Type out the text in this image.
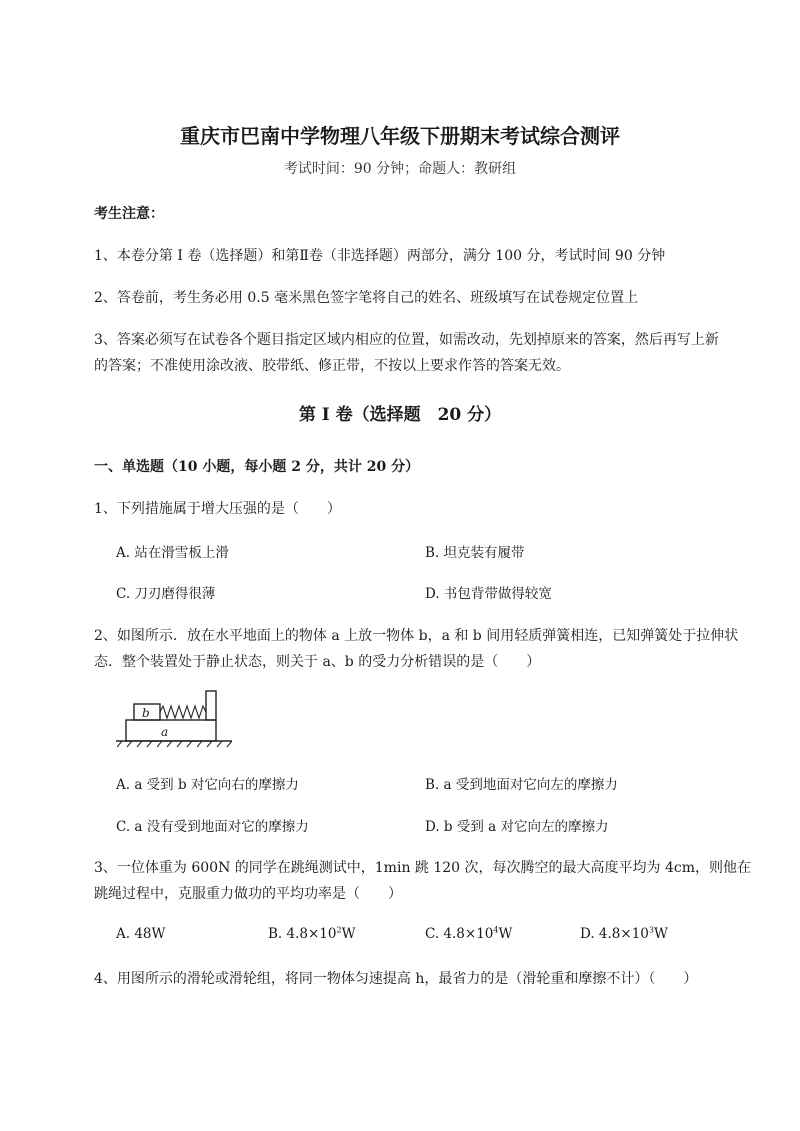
重庆市巴南中学物理八年级下册期末考试综合测评
考试时间：90 分钟；命题人：教研组
考生注意：
1、本卷分第 I 卷（选择题）和第Ⅱ卷（非选择题）两部分，满分 100 分，考试时间 90 分钟
2、答卷前，考生务必用 0.5 毫米黑色签字笔将自己的姓名、班级填写在试卷规定位置上
3、答案必须写在试卷各个题目指定区域内相应的位置，如需改动，先划掉原来的答案，然后再写上新
的答案；不准使用涂改液、胶带纸、修正带，不按以上要求作答的答案无效。
第 I 卷（选择题　20 分）
一、单选题（10 小题，每小题 2 分，共计 20 分）
1、下列措施属于增大压强的是（　　）
A. 站在滑雪板上滑	B. 坦克装有履带
C. 刀刃磨得很薄	D. 书包背带做得较宽
2、如图所示．放在水平地面上的物体 a 上放一物体 b，a 和 b 间用轻质弹簧相连，已知弹簧处于拉伸状
态．整个装置处于静止状态，则关于 a、b 的受力分析错误的是（　　）
b
a
A. a 受到 b 对它向右的摩擦力	B. a 受到地面对它向左的摩擦力
C. a 没有受到地面对它的摩擦力	D. b 受到 a 对它向左的摩擦力
3、一位体重为 600N 的同学在跳绳测试中，1min 跳 120 次，每次腾空的最大高度平均为 4cm，则他在
跳绳过程中，克服重力做功的平均功率是（　　）
A. 48W	B. $4.8\times 10^2W$	C. $4.8\times 10^4W$	D. $4.8\times 10^3W$
4、用图所示的滑轮或滑轮组，将同一物体匀速提高 h，最省力的是（滑轮重和摩擦不计）（　　）
